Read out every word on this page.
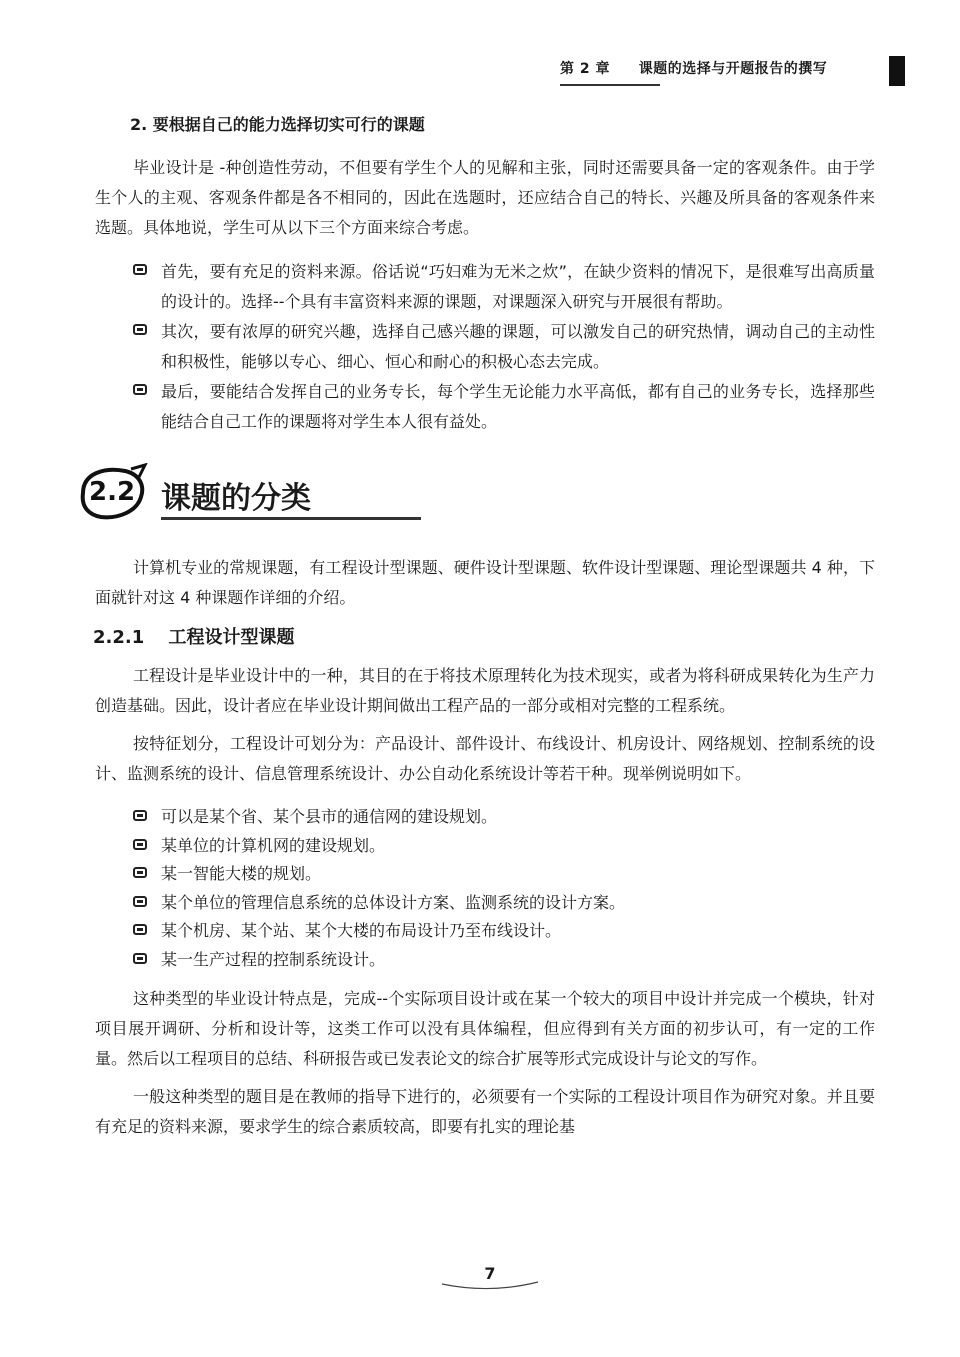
第 2 章 课题的选择与开题报告的撰写
2. 要根据自己的能力选择切实可行的课题

毕业设计是 -种创造性劳动，不但要有学生个人的见解和主张，同时还需要具备一定的客观条件。由于学生个人的主观、客观条件都是各不相同的，因此在选题时，还应结合自己的特长、兴趣及所具备的客观条件来选题。具体地说，学生可从以下三个方面来综合考虑。

首先，要有充足的资料来源。俗话说“巧妇难为无米之炊”，在缺少资料的情况下，是很难写出高质量的设计的。选择--个具有丰富资料来源的课题，对课题深入研究与开展很有帮助。
其次，要有浓厚的研究兴趣，选择自己感兴趣的课题，可以激发自己的研究热情，调动自己的主动性和积极性，能够以专心、细心、恒心和耐心的积极心态去完成。
最后，要能结合发挥自己的业务专长，每个学生无论能力水平高低，都有自己的业务专长，选择那些能结合自己工作的课题将对学生本人很有益处。
2.2 课题的分类

计算机专业的常规课题，有工程设计型课题、硬件设计型课题、软件设计型课题、理论型课题共 4 种，下面就针对这 4 种课题作详细的介绍。

2.2.1 工程设计型课题

工程设计是毕业设计中的一种，其目的在于将技术原理转化为技术现实，或者为将科研成果转化为生产力创造基础。因此，设计者应在毕业设计期间做出工程产品的一部分或相对完整的工程系统。

按特征划分，工程设计可划分为：产品设计、部件设计、布线设计、机房设计、网络规划、控制系统的设计、监测系统的设计、信息管理系统设计、办公自动化系统设计等若干种。现举例说明如下。

可以是某个省、某个县市的通信网的建设规划。
某单位的计算机网的建设规划。
某一智能大楼的规划。
某个单位的管理信息系统的总体设计方案、监测系统的设计方案。
某个机房、某个站、某个大楼的布局设计乃至布线设计。
某一生产过程的控制系统设计。

这种类型的毕业设计特点是，完成--个实际项目设计或在某一个较大的项目中设计并完成一个模块，针对项目展开调研、分析和设计等，这类工作可以没有具体编程，但应得到有关方面的初步认可，有一定的工作量。然后以工程项目的总结、科研报告或已发表论文的综合扩展等形式完成设计与论文的写作。

一般这种类型的题目是在教师的指导下进行的，必须要有一个实际的工程设计项目作为研究对象。并且要有充足的资料来源，要求学生的综合素质较高，即要有扎实的理论基

7
